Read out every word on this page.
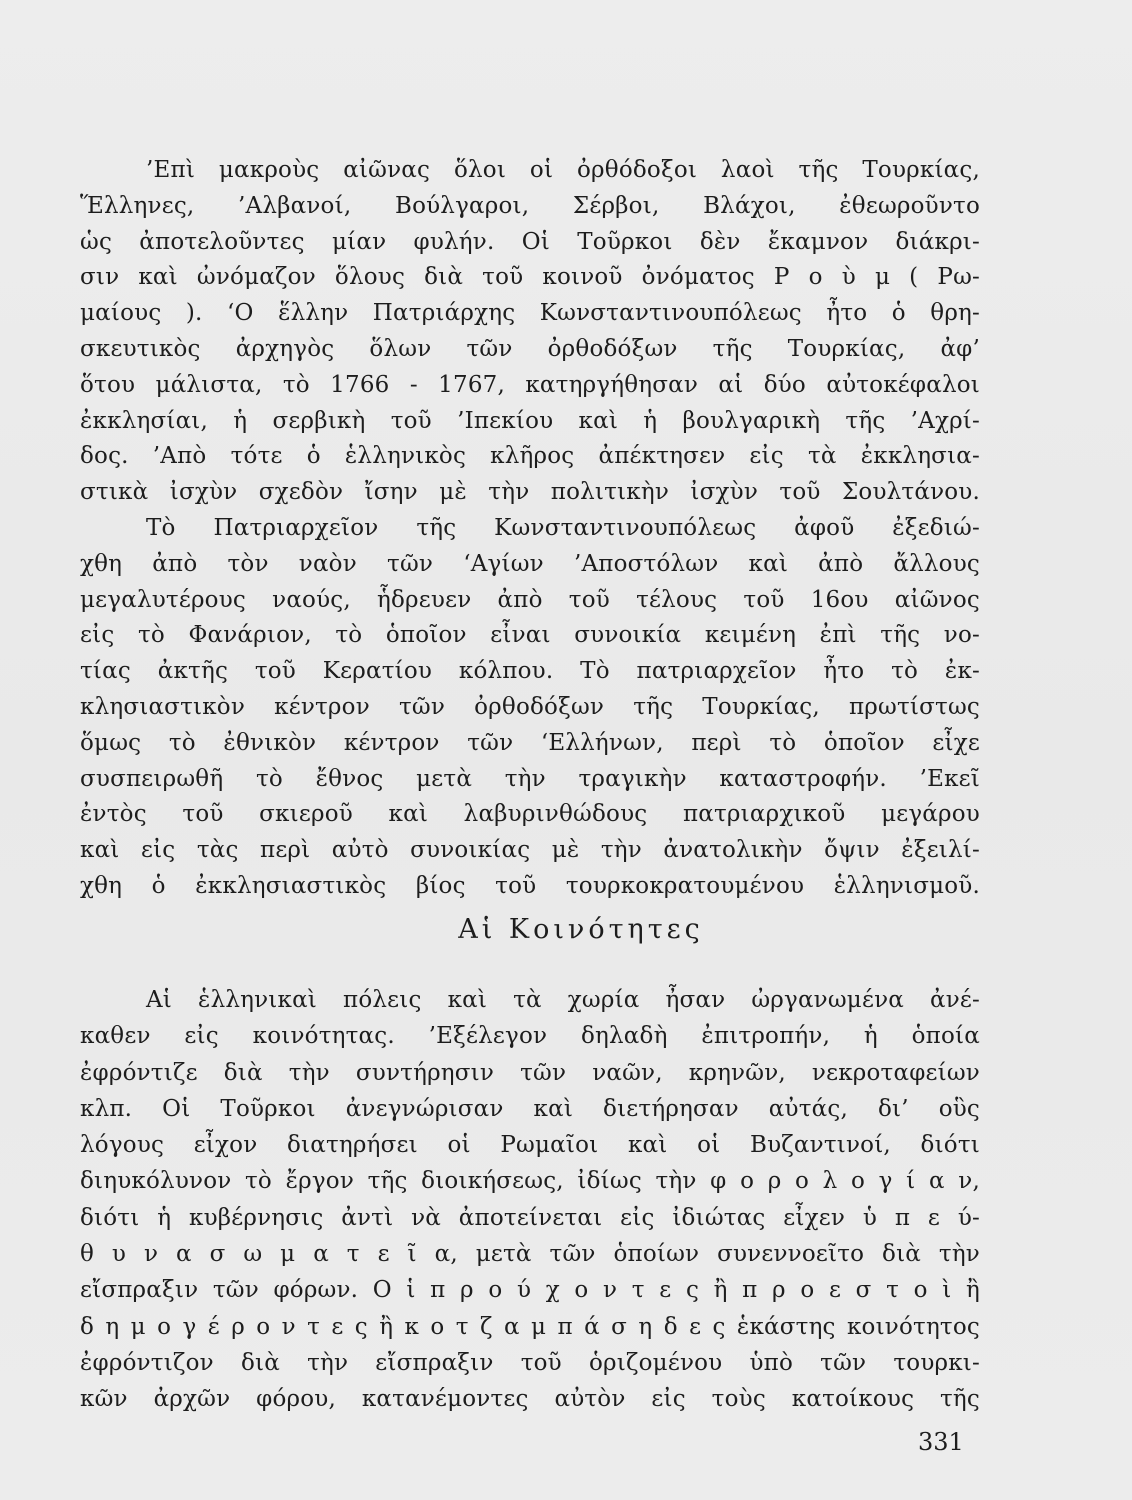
’Επὶ μακροὺς αἰῶνας ὅλοι οἱ ὀρθόδοξοι λαοὶ τῆς Τουρκίας,
Ἕλληνες, ’Αλβανοί, Βούλγαροι, Σέρβοι, Βλάχοι, ἐθεωροῦντο
ὡς ἀποτελοῦντες μίαν φυλήν. Οἱ Τοῦρκοι δὲν ἔκαμνον διάκρι-
σιν καὶ ὠνόμαζον ὅλους διὰ τοῦ κοινοῦ ὀνόματος Ρ ο ὺ μ ( Ρω-
μαίους ). ‘Ο ἕλλην Πατριάρχης Κωνσταντινουπόλεως ἦτο ὁ θρη-
σκευτικὸς ἀρχηγὸς ὅλων τῶν ὀρθοδόξων τῆς Τουρκίας, ἀφ’
ὅτου μάλιστα, τὸ 1766 - 1767, κατηργήθησαν αἱ δύο αὐτοκέφαλοι
ἐκκλησίαι, ἡ σερβικὴ τοῦ ’Ιπεκίου καὶ ἡ βουλγαρικὴ τῆς ’Αχρί-
δος. ’Απὸ τότε ὁ ἑλληνικὸς κλῆρος ἀπέκτησεν εἰς τὰ ἐκκλησια-
στικὰ ἰσχὺν σχεδὸν ἴσην μὲ τὴν πολιτικὴν ἰσχὺν τοῦ Σουλτάνου.
Τὸ Πατριαρχεῖον τῆς Κωνσταντινουπόλεως ἀφοῦ ἐξεδιώ-
χθη ἀπὸ τὸν ναὸν τῶν ‘Αγίων ’Αποστόλων καὶ ἀπὸ ἄλλους
μεγαλυτέρους ναούς, ἧδρευεν ἀπὸ τοῦ τέλους τοῦ 16ου αἰῶνος
εἰς τὸ Φανάριον, τὸ ὁποῖον εἶναι συνοικία κειμένη ἐπὶ τῆς νο-
τίας ἀκτῆς τοῦ Κερατίου κόλπου. Τὸ πατριαρχεῖον ἦτο τὸ ἐκ-
κλησιαστικὸν κέντρον τῶν ὀρθοδόξων τῆς Τουρκίας, πρωτίστως
ὅμως τὸ ἐθνικὸν κέντρον τῶν ‘Ελλήνων, περὶ τὸ ὁποῖον εἶχε
συσπειρωθῆ τὸ ἔθνος μετὰ τὴν τραγικὴν καταστροφήν. ’Εκεῖ
ἐντὸς τοῦ σκιεροῦ καὶ λαβυρινθώδους πατριαρχικοῦ μεγάρου
καὶ εἰς τὰς περὶ αὐτὸ συνοικίας μὲ τὴν ἀνατολικὴν ὄψιν ἐξειλί-
χθη ὁ ἐκκλησιαστικὸς βίος τοῦ τουρκοκρατουμένου ἑλληνισμοῦ.
Αἱ Κοινότητες
Αἱ ἑλληνικαὶ πόλεις καὶ τὰ χωρία ἦσαν ὠργανωμένα ἀνέ-
καθεν εἰς κοινότητας. ’Εξέλεγον δηλαδὴ ἐπιτροπήν, ἡ ὁποία
ἐφρόντιζε διὰ τὴν συντήρησιν τῶν ναῶν, κρηνῶν, νεκροταφείων
κλπ. Οἱ Τοῦρκοι ἀνεγνώρισαν καὶ διετήρησαν αὐτάς, δι’ οὓς
λόγους εἶχον διατηρήσει οἱ Ρωμαῖοι καὶ οἱ Βυζαντινοί, διότι
διηυκόλυνον τὸ ἔργον τῆς διοικήσεως, ἰδίως τὴν φ ο ρ ο λ ο γ ί α ν,
διότι ἡ κυβέρνησις ἀντὶ νὰ ἀποτείνεται εἰς ἰδιώτας εἶχεν ὑ π ε ύ-
θ υ ν α σ ω μ α τ ε ῖ α, μετὰ τῶν ὁποίων συνεννοεῖτο διὰ τὴν
εἴσπραξιν τῶν φόρων. Ο ἱ π ρ ο ύ χ ο ν τ ε ς ἢ π ρ ο ε σ τ ο ὶ ἢ
δ η μ ο γ έ ρ ο ν τ ε ς ἢ κ ο τ ζ α μ π ά σ η δ ε ς ἑκάστης κοινότητος
ἐφρόντιζον διὰ τὴν εἴσπραξιν τοῦ ὁριζομένου ὑπὸ τῶν τουρκι-
κῶν ἀρχῶν φόρου, κατανέμοντες αὐτὸν εἰς τοὺς κατοίκους τῆς
331
